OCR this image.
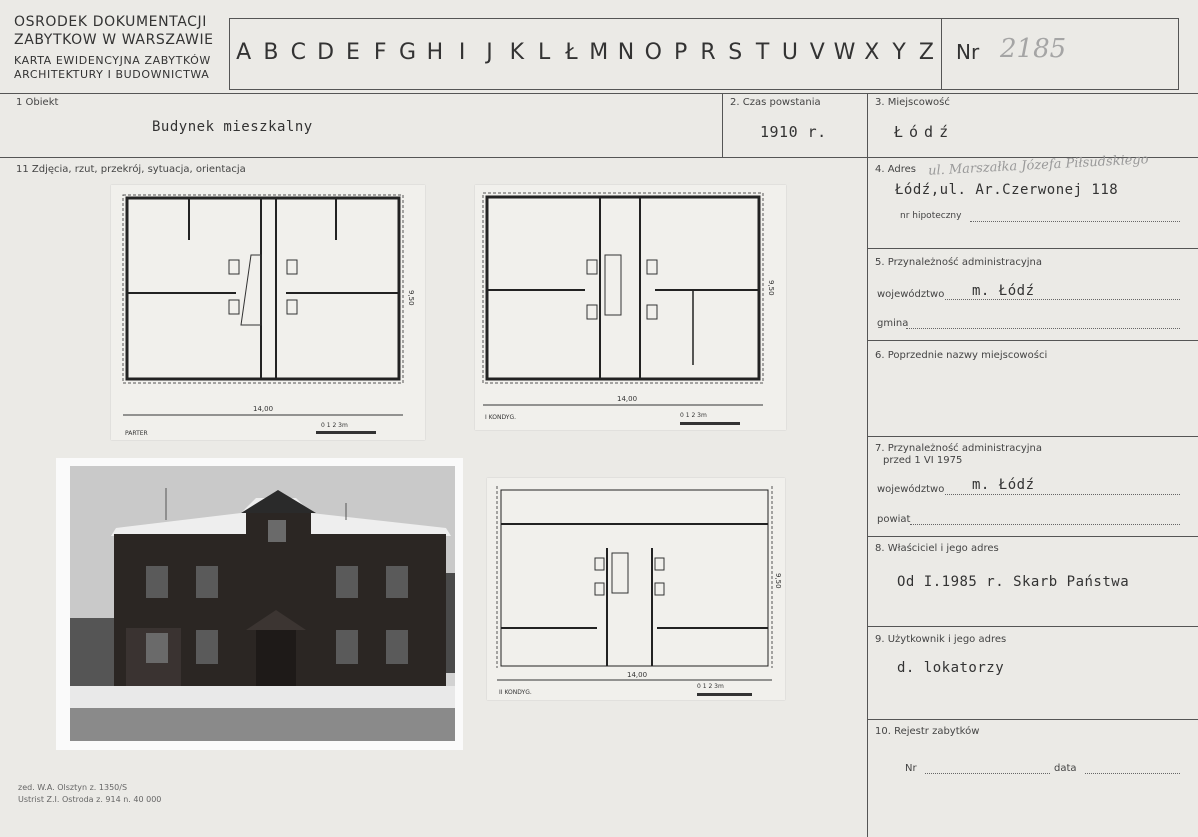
OSRODEK DOKUMENTACJI
ZABYTKOW W WARSZAWIE
KARTA EWIDENCYJNA ZABYTKÓW
ARCHITEKTURY I BUDOWNICTWA
A B C D E F G H I J K L Ł M N O P R S T U V W X Y Z	Nr 2185
1 Obiekt
Budynek mieszkalny
2. Czas powstania
1910 r.
3. Miejscowość
Łódź
11 Zdjęcia, rzut, przekrój, sytuacja, orientacja	4. Adres ul. Marszałka Józefa Piłsudskiego
Łódź,ul. Ar.Czerwonej 118
nr hipoteczny
5. Przynależność administracyjna
województwo m. Łódź
gmina
6. Poprzednie nazwy miejscowości
7. Przynależność administracyjna
przed 1 VI 1975
województwo m. Łódź
powiat
8. Właściciel i jego adres
Od I.1985 r. Skarb Państwa
9. Użytkownik i jego adres
d. lokatorzy
10. Rejestr zabytków
Nr	data
14,00
9,50
PARTER
0 1 2 3m
14,00
9,50
I KONDYG.	0 1 2 3m
14,00
9,50
II KONDYG.
0 1 2 3m
zed. W.A. Olsztyn z. 1350/S
Ustrist Z.I. Ostroda z. 914 n. 40 000
